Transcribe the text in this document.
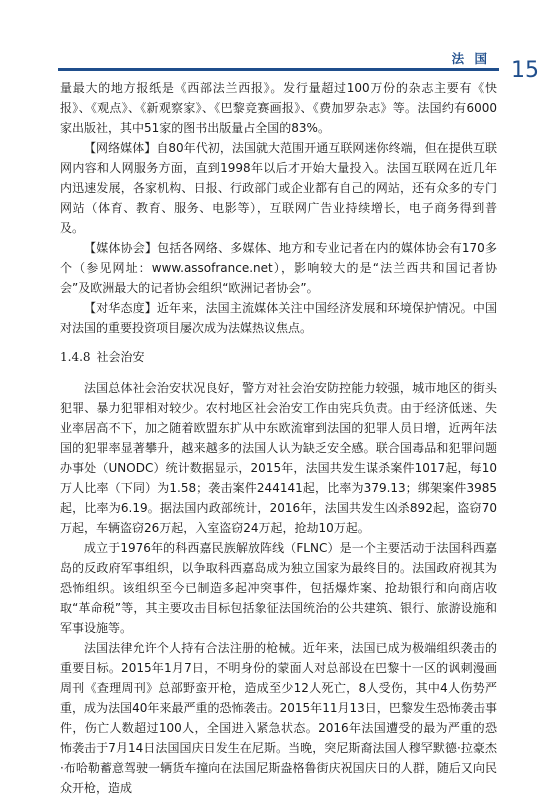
法 国 15

量最大的地方报纸是《西部法兰西报》。发行量超过100万份的杂志主要有《快报》、《观点》、《新观察家》、《巴黎竞赛画报》、《费加罗杂志》等。法国约有6000家出版社，其中51家的图书出版量占全国的83%。

【网络媒体】自80年代初，法国就大范围开通互联网迷你终端，但在提供互联网内容和人网服务方面，直到1998年以后才开始大量投入。法国互联网在近几年内迅速发展，各家机构、日报、行政部门或企业都有自己的网站，还有众多的专门网站（体育、教育、服务、电影等），互联网广告业持续增长，电子商务得到普及。

【媒体协会】包括各网络、多媒体、地方和专业记者在内的媒体协会有170多个（参见网址：www.assofrance.net），影响较大的是“法兰西共和国记者协会”及欧洲最大的记者协会组织“欧洲记者协会”。

【对华态度】近年来，法国主流媒体关注中国经济发展和环境保护情况。中国对法国的重要投资项目屡次成为法媒热议焦点。

1.4.8 社会治安

法国总体社会治安状况良好，警方对社会治安防控能力较强，城市地区的街头犯罪、暴力犯罪相对较少。农村地区社会治安工作由宪兵负责。由于经济低迷、失业率居高不下，加之随着欧盟东扩从中东欧流窜到法国的犯罪人员日增，近两年法国的犯罪率显著攀升，越来越多的法国人认为缺乏安全感。联合国毒品和犯罪问题办事处（UNODC）统计数据显示，2015年，法国共发生谋杀案件1017起，每10万人比率（下同）为1.58；袭击案件244141起，比率为379.13；绑架案件3985起，比率为6.19。据法国内政部统计，2016年，法国共发生凶杀892起，盗窃70万起，车辆盗窃26万起，入室盗窃24万起，抢劫10万起。

成立于1976年的科西嘉民族解放阵线（FLNC）是一个主要活动于法国科西嘉岛的反政府军事组织，以争取科西嘉岛成为独立国家为最终目的。法国政府视其为恐怖组织。该组织至今已制造多起冲突事件，包括爆炸案、抢劫银行和向商店收取“革命税”等，其主要攻击目标包括象征法国统治的公共建筑、银行、旅游设施和军事设施等。

法国法律允许个人持有合法注册的枪械。近年来，法国已成为极端组织袭击的重要目标。2015年1月7日，不明身份的蒙面人对总部设在巴黎十一区的讽刺漫画周刊《查理周刊》总部野蛮开枪，造成至少12人死亡，8人受伤，其中4人伤势严重，成为法国40年来最严重的恐怖袭击。2015年11月13日，巴黎发生恐怖袭击事件，伤亡人数超过100人，全国进入紧急状态。2016年法国遭受的最为严重的恐怖袭击于7月14日法国国庆日发生在尼斯。当晚，突尼斯裔法国人穆罕默德·拉豪杰·布哈勒蓄意驾驶一辆货车撞向在法国尼斯盎格鲁街庆祝国庆日的人群，随后又向民众开枪，造成
